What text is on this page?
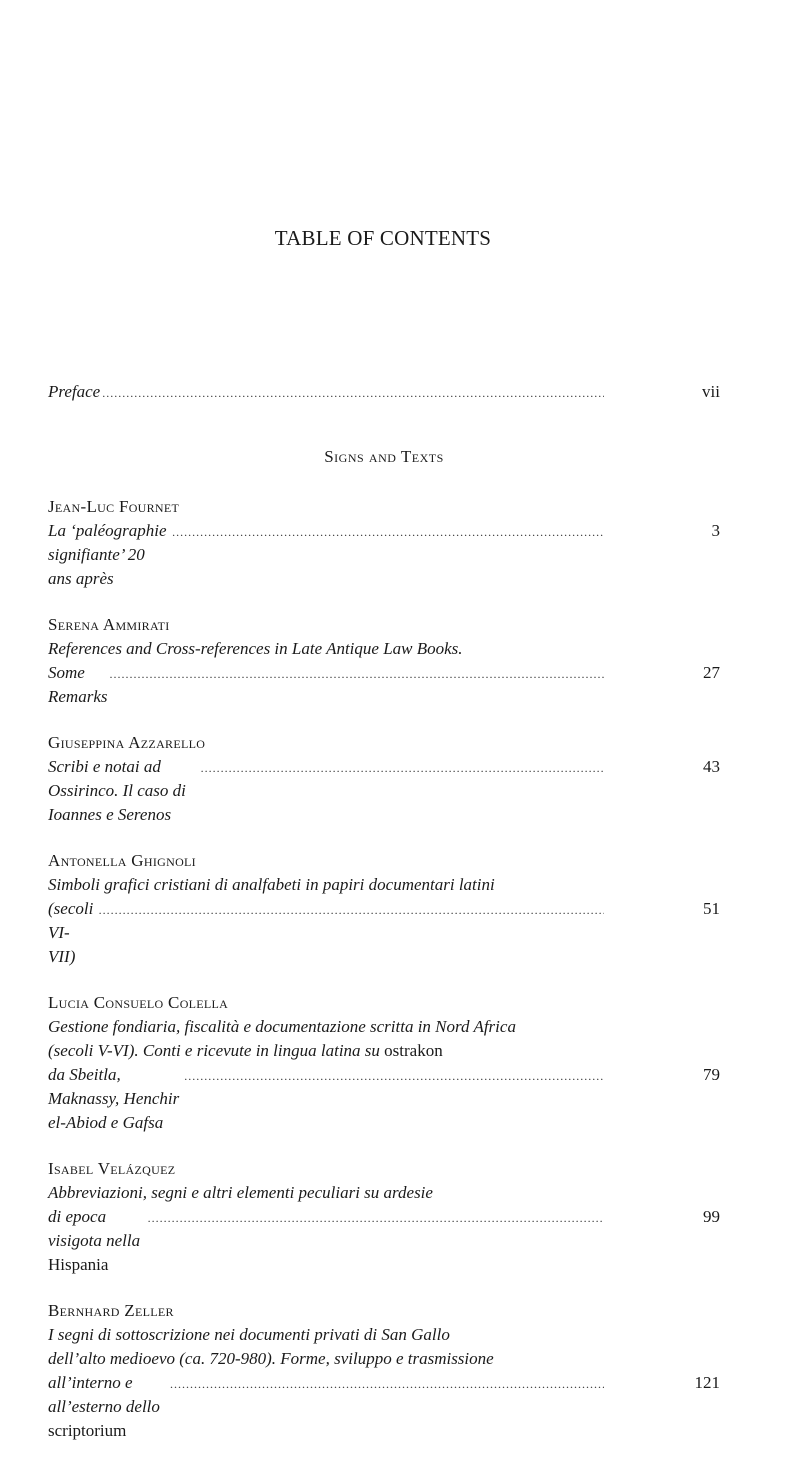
TABLE OF CONTENTS
Preface
.....	vii
Signs and Texts
Jean-Luc Fournet
La ‘paléographie signifiante’ 20 ans après
.....
3
Serena Ammirati
References and Cross-references in Late Antique Law Books.
Some Remarks
.....
27
Giuseppina Azzarello
Scribi e notai ad Ossirinco. Il caso di Ioannes e Serenos
.....
43
Antonella Ghignoli
Simboli grafici cristiani di analfabeti in papiri documentari latini
(secoli VI-VII)
.....
51
Lucia Consuelo Colella
Gestione fondiaria, fiscalità e documentazione scritta in Nord Africa
(secoli V-VI). Conti e ricevute in lingua latina su ostrakon
da Sbeitla, Maknassy, Henchir el-Abiod e Gafsa
.....
79
Isabel Velázquez
Abbreviazioni, segni e altri elementi peculiari su ardesie
di epoca visigota nella Hispania
.....
99
Bernhard Zeller
I segni di sottoscrizione nei documenti privati di San Gallo
dell’alto medioevo (ca. 720-980). Forme, sviluppo e trasmissione
all’interno e all’esterno dello scriptorium
.....
121
